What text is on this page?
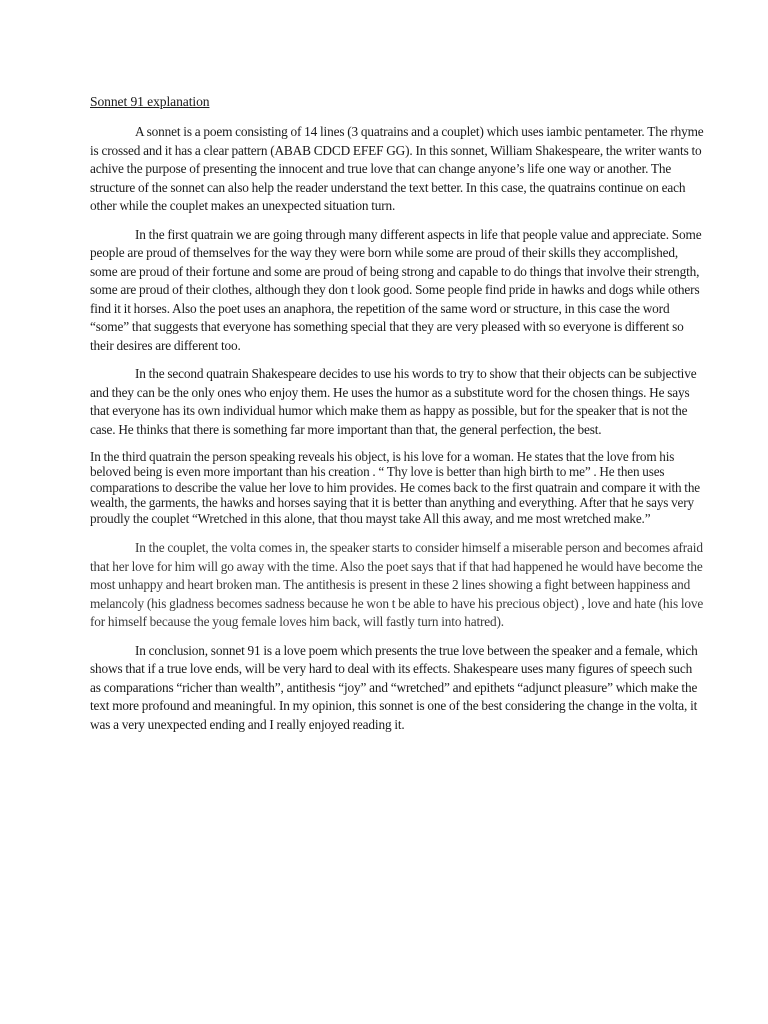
Sonnet 91 explanation

A sonnet is a poem consisting of 14 lines (3 quatrains and a couplet) which uses iambic pentameter. The rhyme is crossed and it has a clear pattern (ABAB CDCD EFEF GG). In this sonnet, William Shakespeare, the writer wants to achive the purpose of presenting the innocent and true love that can change anyone’s life one way or another. The structure of the sonnet can also help the reader understand the text better. In this case, the quatrains continue on each other while the couplet makes an unexpected situation turn.

In the first quatrain we are going through many different aspects in life that people value and appreciate. Some people are proud of themselves for the way they were born while some are proud of their skills they accomplished, some are proud of their fortune and some are proud of being strong and capable to do things that involve their strength, some are proud of their clothes, although they don t look good. Some people find pride in hawks and dogs while others find it it horses. Also the poet uses an anaphora, the repetition of the same word or structure, in this case the word “some” that suggests that everyone has something special that they are very pleased with so everyone is different so their desires are different too.

In the second quatrain Shakespeare decides to use his words to try to show that their objects can be subjective and they can be the only ones who enjoy them. He uses the humor as a substitute word for the chosen things. He says that everyone has its own individual humor which make them as happy as possible, but for the speaker that is not the case. He thinks that there is something far more important than that, the general perfection, the best.

In the third quatrain the person speaking reveals his object, is his love for a woman. He states that the love from his beloved being is even more important than his creation . “ Thy love is better than high birth to me” . He then uses comparations to describe the value her love to him provides. He comes back to the first quatrain and compare it with the wealth, the garments, the hawks and horses saying that it is better than anything and everything. After that he says very proudly the couplet “Wretched in this alone, that thou mayst take All this away, and me most wretched make.”

In the couplet, the volta comes in, the speaker starts to consider himself a miserable person and becomes afraid that her love for him will go away with the time. Also the poet says that if that had happened he would have become the most unhappy and heart broken man. The antithesis is present in these 2 lines showing a fight between happiness and melancoly (his gladness becomes sadness because he won t be able to have his precious object) , love and hate (his love for himself because the youg female loves him back, will fastly turn into hatred).

In conclusion, sonnet 91 is a love poem which presents the true love between the speaker and a female, which shows that if a true love ends, will be very hard to deal with its effects. Shakespeare uses many figures of speech such as comparations “richer than wealth”, antithesis “joy” and “wretched” and epithets “adjunct pleasure” which make the text more profound and meaningful. In my opinion, this sonnet is one of the best considering the change in the volta, it was a very unexpected ending and I really enjoyed reading it.
